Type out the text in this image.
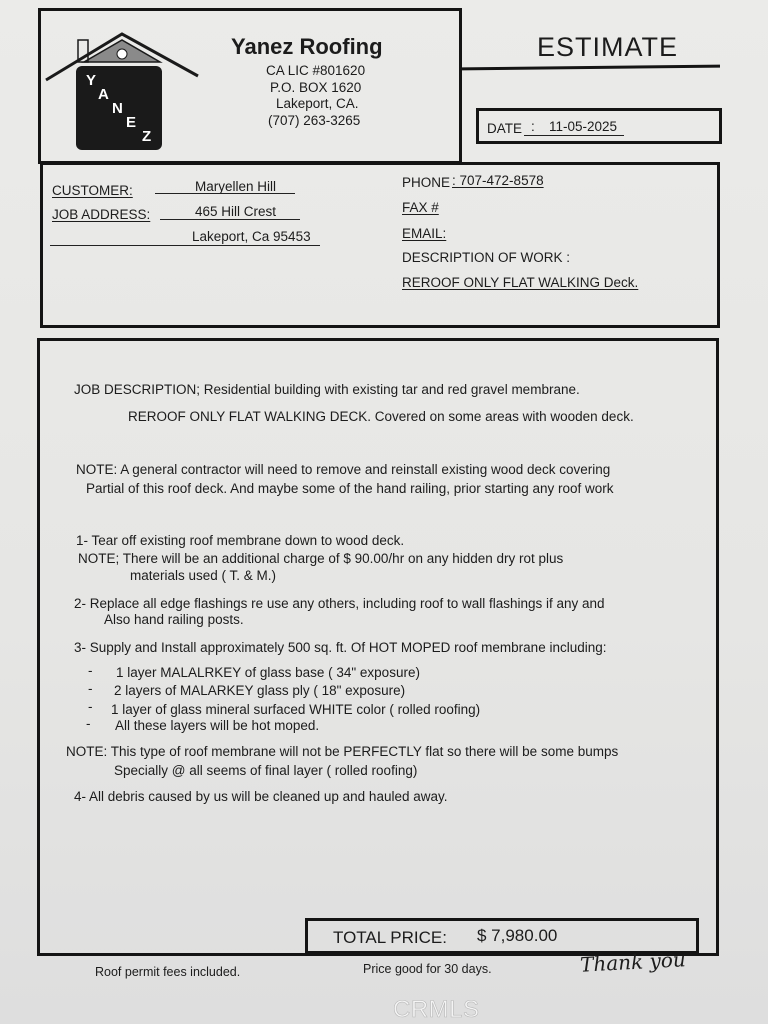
Y
A
N
E
Z
Yanez Roofing
CA LIC #801620
P.O. BOX 1620
Lakeport, CA.
(707) 263-3265
ESTIMATE
DATE : 11-05-2025
CUSTOMER:	Maryellen Hill
JOB ADDRESS:	465 Hill Crest
Lakeport, Ca 95453
PHONE : 707-472-8578
FAX #
EMAIL:
DESCRIPTION OF WORK :
REROOF ONLY FLAT WALKING Deck.
JOB DESCRIPTION; Residential building with existing tar and red gravel membrane.
REROOF ONLY FLAT WALKING DECK. Covered on some areas with wooden deck.
NOTE: A general contractor will need to remove and reinstall existing wood deck covering
Partial of this roof deck. And maybe some of the hand railing, prior starting any roof work
1- Tear off existing roof membrane down to wood deck.
NOTE; There will be an additional charge of $ 90.00/hr on any hidden dry rot plus
materials used ( T. & M.)
2- Replace all edge flashings re use any others, including roof to wall flashings if any and
Also hand railing posts.
3- Supply and Install approximately 500 sq. ft. Of HOT MOPED roof membrane including:
- 1 layer MALALRKEY of glass base ( 34" exposure)
- 2 layers of MALARKEY glass ply ( 18" exposure)
- 1 layer of glass mineral surfaced WHITE color ( rolled roofing)
- All these layers will be hot moped.
NOTE: This type of roof membrane will not be PERFECTLY flat so there will be some bumps
Specially @ all seems of final layer ( rolled roofing)
4- All debris caused by us will be cleaned up and hauled away.
TOTAL PRICE: $ 7,980.00
Roof permit fees included.	Price good for 30 days.	Thank you
CRMLS
